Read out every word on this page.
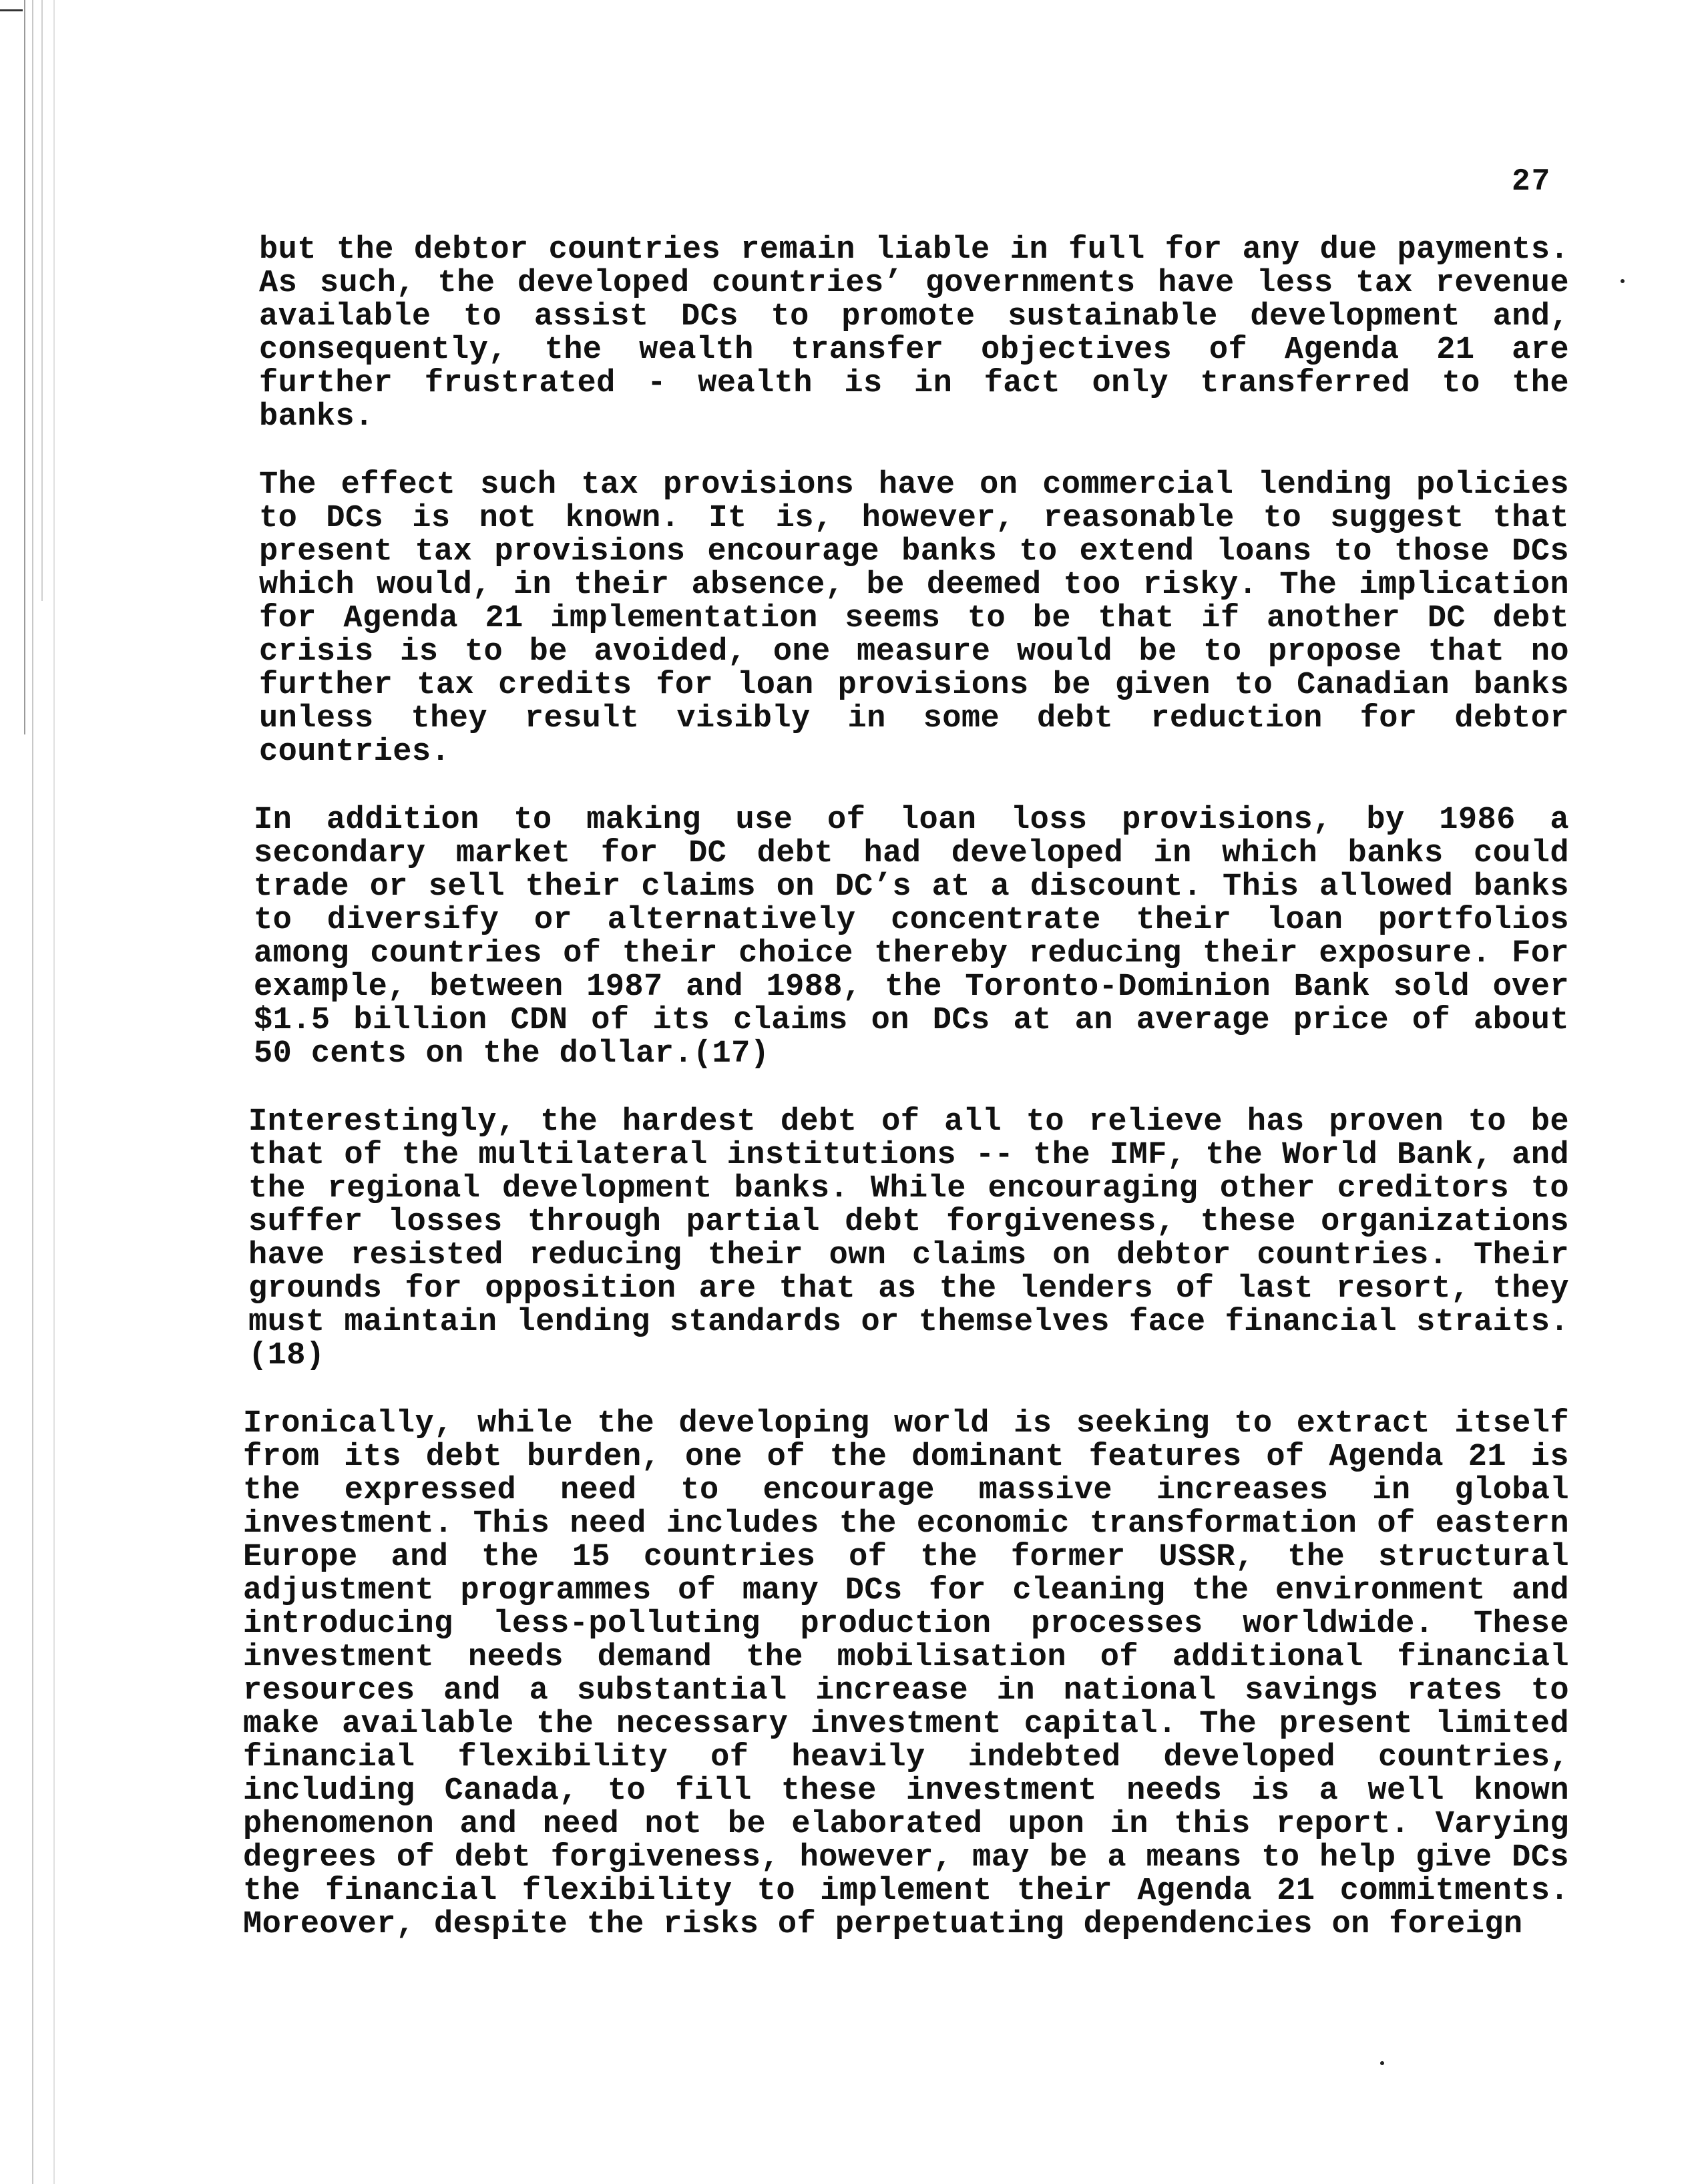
27

but the debtor countries remain liable in full for any due payments. As such, the developed countries’ governments have less tax revenue available to assist DCs to promote sustainable development and, consequently, the wealth transfer objectives of Agenda 21 are further frustrated - wealth is in fact only transferred to the banks.

The effect such tax provisions have on commercial lending policies to DCs is not known. It is, however, reasonable to suggest that present tax provisions encourage banks to extend loans to those DCs which would, in their absence, be deemed too risky. The implication for Agenda 21 implementation seems to be that if another DC debt crisis is to be avoided, one measure would be to propose that no further tax credits for loan provisions be given to Canadian banks unless they result visibly in some debt reduction for debtor countries.

In addition to making use of loan loss provisions, by 1986 a secondary market for DC debt had developed in which banks could trade or sell their claims on DC’s at a discount. This allowed banks to diversify or alternatively concentrate their loan portfolios among countries of their choice thereby reducing their exposure. For example, between 1987 and 1988, the Toronto-Dominion Bank sold over $1.5 billion CDN of its claims on DCs at an average price of about 50 cents on the dollar.(17)

Interestingly, the hardest debt of all to relieve has proven to be that of the multilateral institutions -- the IMF, the World Bank, and the regional development banks. While encouraging other creditors to suffer losses through partial debt forgiveness, these organizations have resisted reducing their own claims on debtor countries. Their grounds for opposition are that as the lenders of last resort, they must maintain lending standards or themselves face financial straits.(18)

Ironically, while the developing world is seeking to extract itself from its debt burden, one of the dominant features of Agenda 21 is the expressed need to encourage massive increases in global investment. This need includes the economic transformation of eastern Europe and the 15 countries of the former USSR, the structural adjustment programmes of many DCs for cleaning the environment and introducing less-polluting production processes worldwide. These investment needs demand the mobilisation of additional financial resources and a substantial increase in national savings rates to make available the necessary investment capital. The present limited financial flexibility of heavily indebted developed countries, including Canada, to fill these investment needs is a well known phenomenon and need not be elaborated upon in this report. Varying degrees of debt forgiveness, however, may be a means to help give DCs the financial flexibility to implement their Agenda 21 commitments. Moreover, despite the risks of perpetuating dependencies on foreign
